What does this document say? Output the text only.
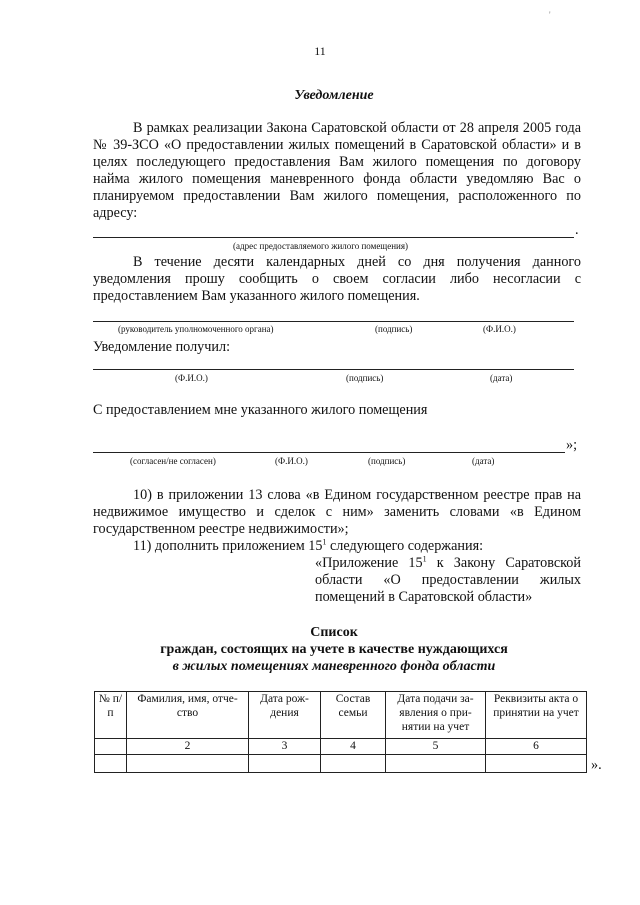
'
11
Уведомление
В рамках реализации Закона Саратовской области от 28 апреля 2005 года № 39-ЗСО «О предоставлении жилых помещений в Саратовской области» и в целях последующего предоставления Вам жилого помещения по договору найма жилого помещения маневренного фонда области уведомляю Вас о планируемом предоставлении Вам жилого помещения, расположенного по адресу:
.
(адрес предоставляемого жилого помещения)
В течение десяти календарных дней со дня получения данного уведомления прошу сообщить о своем согласии либо несогласии с предоставлением Вам указанного жилого помещения.
(руководитель уполномоченного органа)	(подпись)	(Ф.И.О.)
Уведомление получил:
(Ф.И.О.)	(подпись)	(дата)
С предоставлением мне указанного жилого помещения
»;
(согласен/не согласен)	(Ф.И.О.)	(подпись)	(дата)
10) в приложении 13 слова «в Едином государственном реестре прав на недвижимое имущество и сделок с ним» заменить словами «в Едином государственном реестре недвижимости»;
11) дополнить приложением $15^1$ следующего содержания:
«Приложение $15^1$ к Закону Саратовской области «О предоставлении жилых помещений в Саратовской области»
Список
граждан, состоящих на учете в качестве нуждающихся
в жилых помещениях маневренного фонда области
№ п/п	Фамилия, имя, отче-ство	Дата рож-дения	Состав семьи	Дата подачи за-явления о при-нятии на учет	Реквизиты акта о принятии на учет
	2	3	4	5	6

».
